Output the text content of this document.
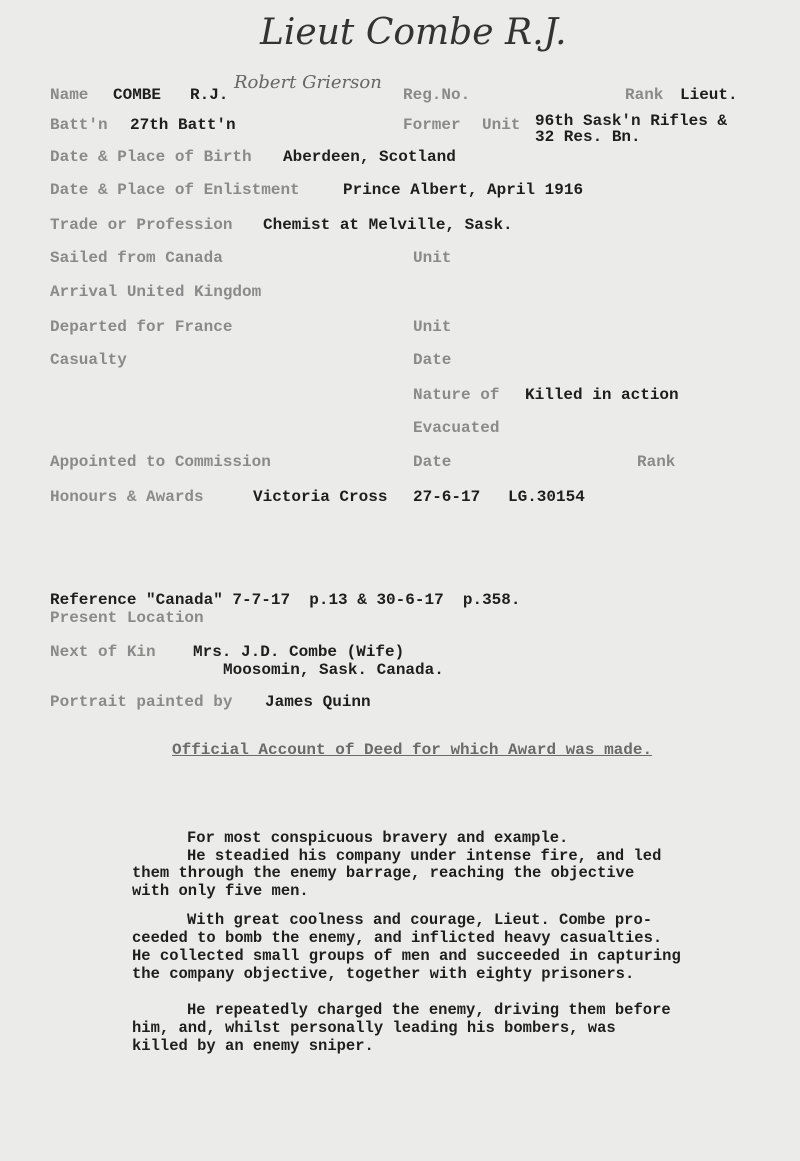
Lieut Combe R.J.
Name COMBE R.J.
Robert Grierson
Reg.No.	Rank Lieut.
Batt'n 27th Batt'n	Former Unit 96th Sask'n Rifles &
32 Res. Bn.
Date & Place of Birth Aberdeen, Scotland
Date & Place of Enlistment	Prince Albert, April 1916
Trade or Profession Chemist at Melville, Sask.
Sailed from Canada	Unit
Arrival United Kingdom
Departed for France	Unit
Casualty	Date
Nature of Killed in action
Evacuated
Appointed to Commission	Date	Rank
Honours & Awards	Victoria Cross 27-6-17 LG.30154
Reference "Canada" 7-7-17  p.13 & 30-6-17  p.358.
Present Location
Next of Kin Mrs. J.D. Combe (Wife)
Moosomin, Sask. Canada.
Portrait painted by James Quinn
Official Account of Deed for which Award was made.
For most conspicuous bravery and example.
He steadied his company under intense fire, and led
them through the enemy barrage, reaching the objective
with only five men.
With great coolness and courage, Lieut. Combe pro-
ceeded to bomb the enemy, and inflicted heavy casualties.
He collected small groups of men and succeeded in capturing
the company objective, together with eighty prisoners.
He repeatedly charged the enemy, driving them before
him, and, whilst personally leading his bombers, was
killed by an enemy sniper.
